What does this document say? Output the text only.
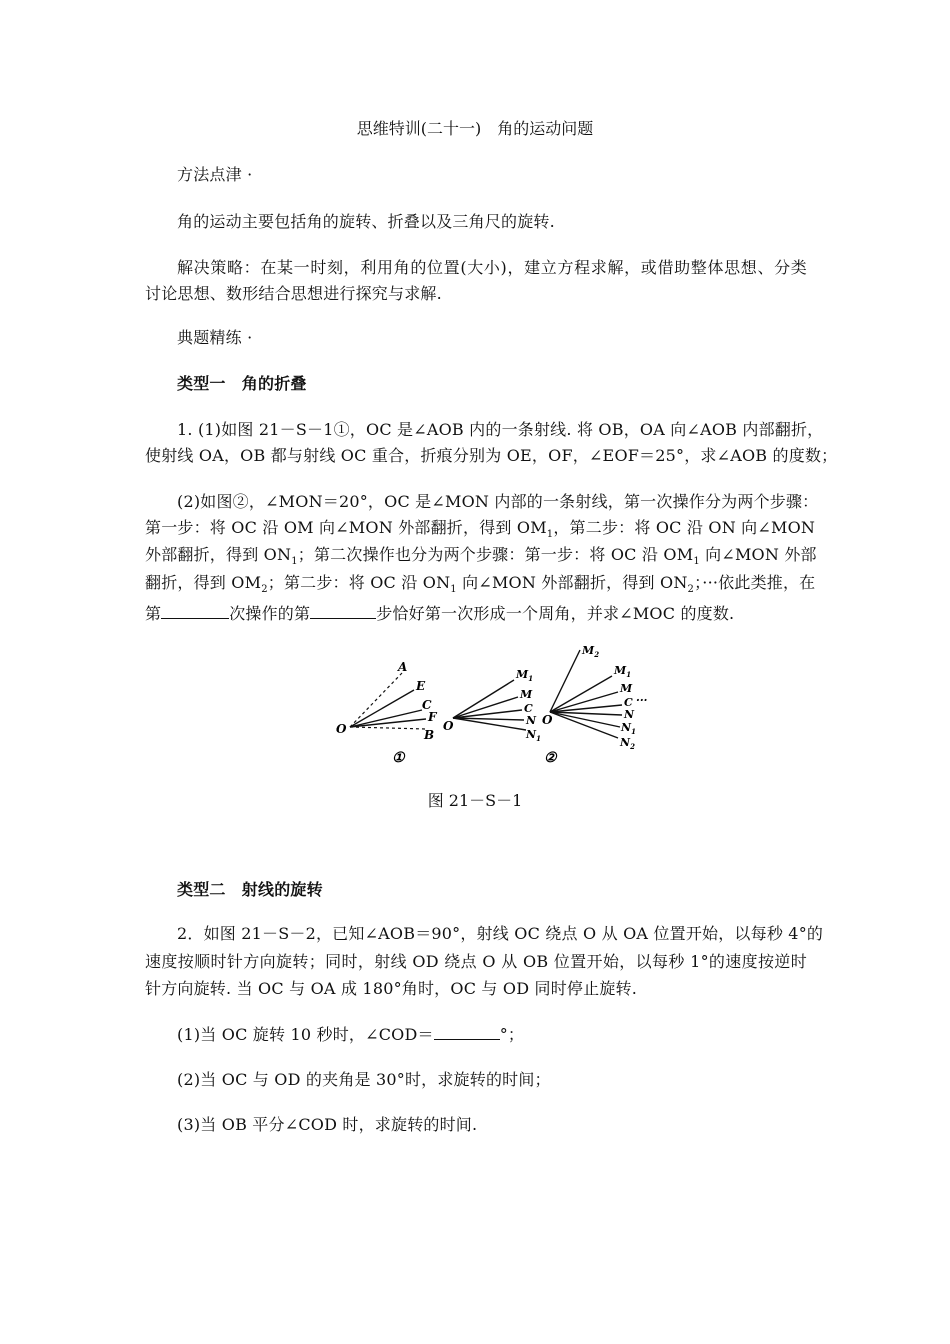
思维特训(二十一)　角的运动问题
方法点津 ·
角的运动主要包括角的旋转、折叠以及三角尺的旋转.
解决策略：在某一时刻，利用角的位置(大小)，建立方程求解，或借助整体思想、分类
讨论思想、数形结合思想进行探究与求解.
典题精练 ·
类型一　角的折叠
1. (1)如图 21－S－1①，OC 是∠AOB 内的一条射线. 将 OB，OA 向∠AOB 内部翻折，
使射线 OA，OB 都与射线 OC 重合，折痕分别为 OE，OF，∠EOF＝25°，求∠AOB 的度数；
(2)如图②，∠MON＝20°，OC 是∠MON 内部的一条射线，第一次操作分为两个步骤：
第一步：将 OC 沿 OM 向∠MON 外部翻折，得到 $OM_1$，第二步：将 OC 沿 ON 向∠MON
外部翻折，得到 $ON_1$；第二次操作也分为两个步骤：第一步：将 OC 沿 $OM_1$ 向∠MON 外部
翻折，得到 $OM_2$；第二步：将 OC 沿 $ON_1$ 向∠MON 外部翻折，得到 $ON_2$；···依此类推，在
第	次操作的第	步恰好第一次形成一个周角，并求∠MOC 的度数.
A
E
C
F
B
O
①
$M_1$
M
C
N
$N_1$
O
$M_2$
$M_1$
M
C ···
N
$N_1$
$N_2$
O
②
图 21－S－1
类型二　射线的旋转
2．如图 21－S－2，已知∠AOB＝90°，射线 OC 绕点 O 从 OA 位置开始，以每秒 4°的
速度按顺时针方向旋转；同时，射线 OD 绕点 O 从 OB 位置开始，以每秒 1°的速度按逆时
针方向旋转. 当 OC 与 OA 成 180°角时，OC 与 OD 同时停止旋转.
(1)当 OC 旋转 10 秒时，∠COD＝	°；
(2)当 OC 与 OD 的夹角是 30°时，求旋转的时间；
(3)当 OB 平分∠COD 时，求旋转的时间.
